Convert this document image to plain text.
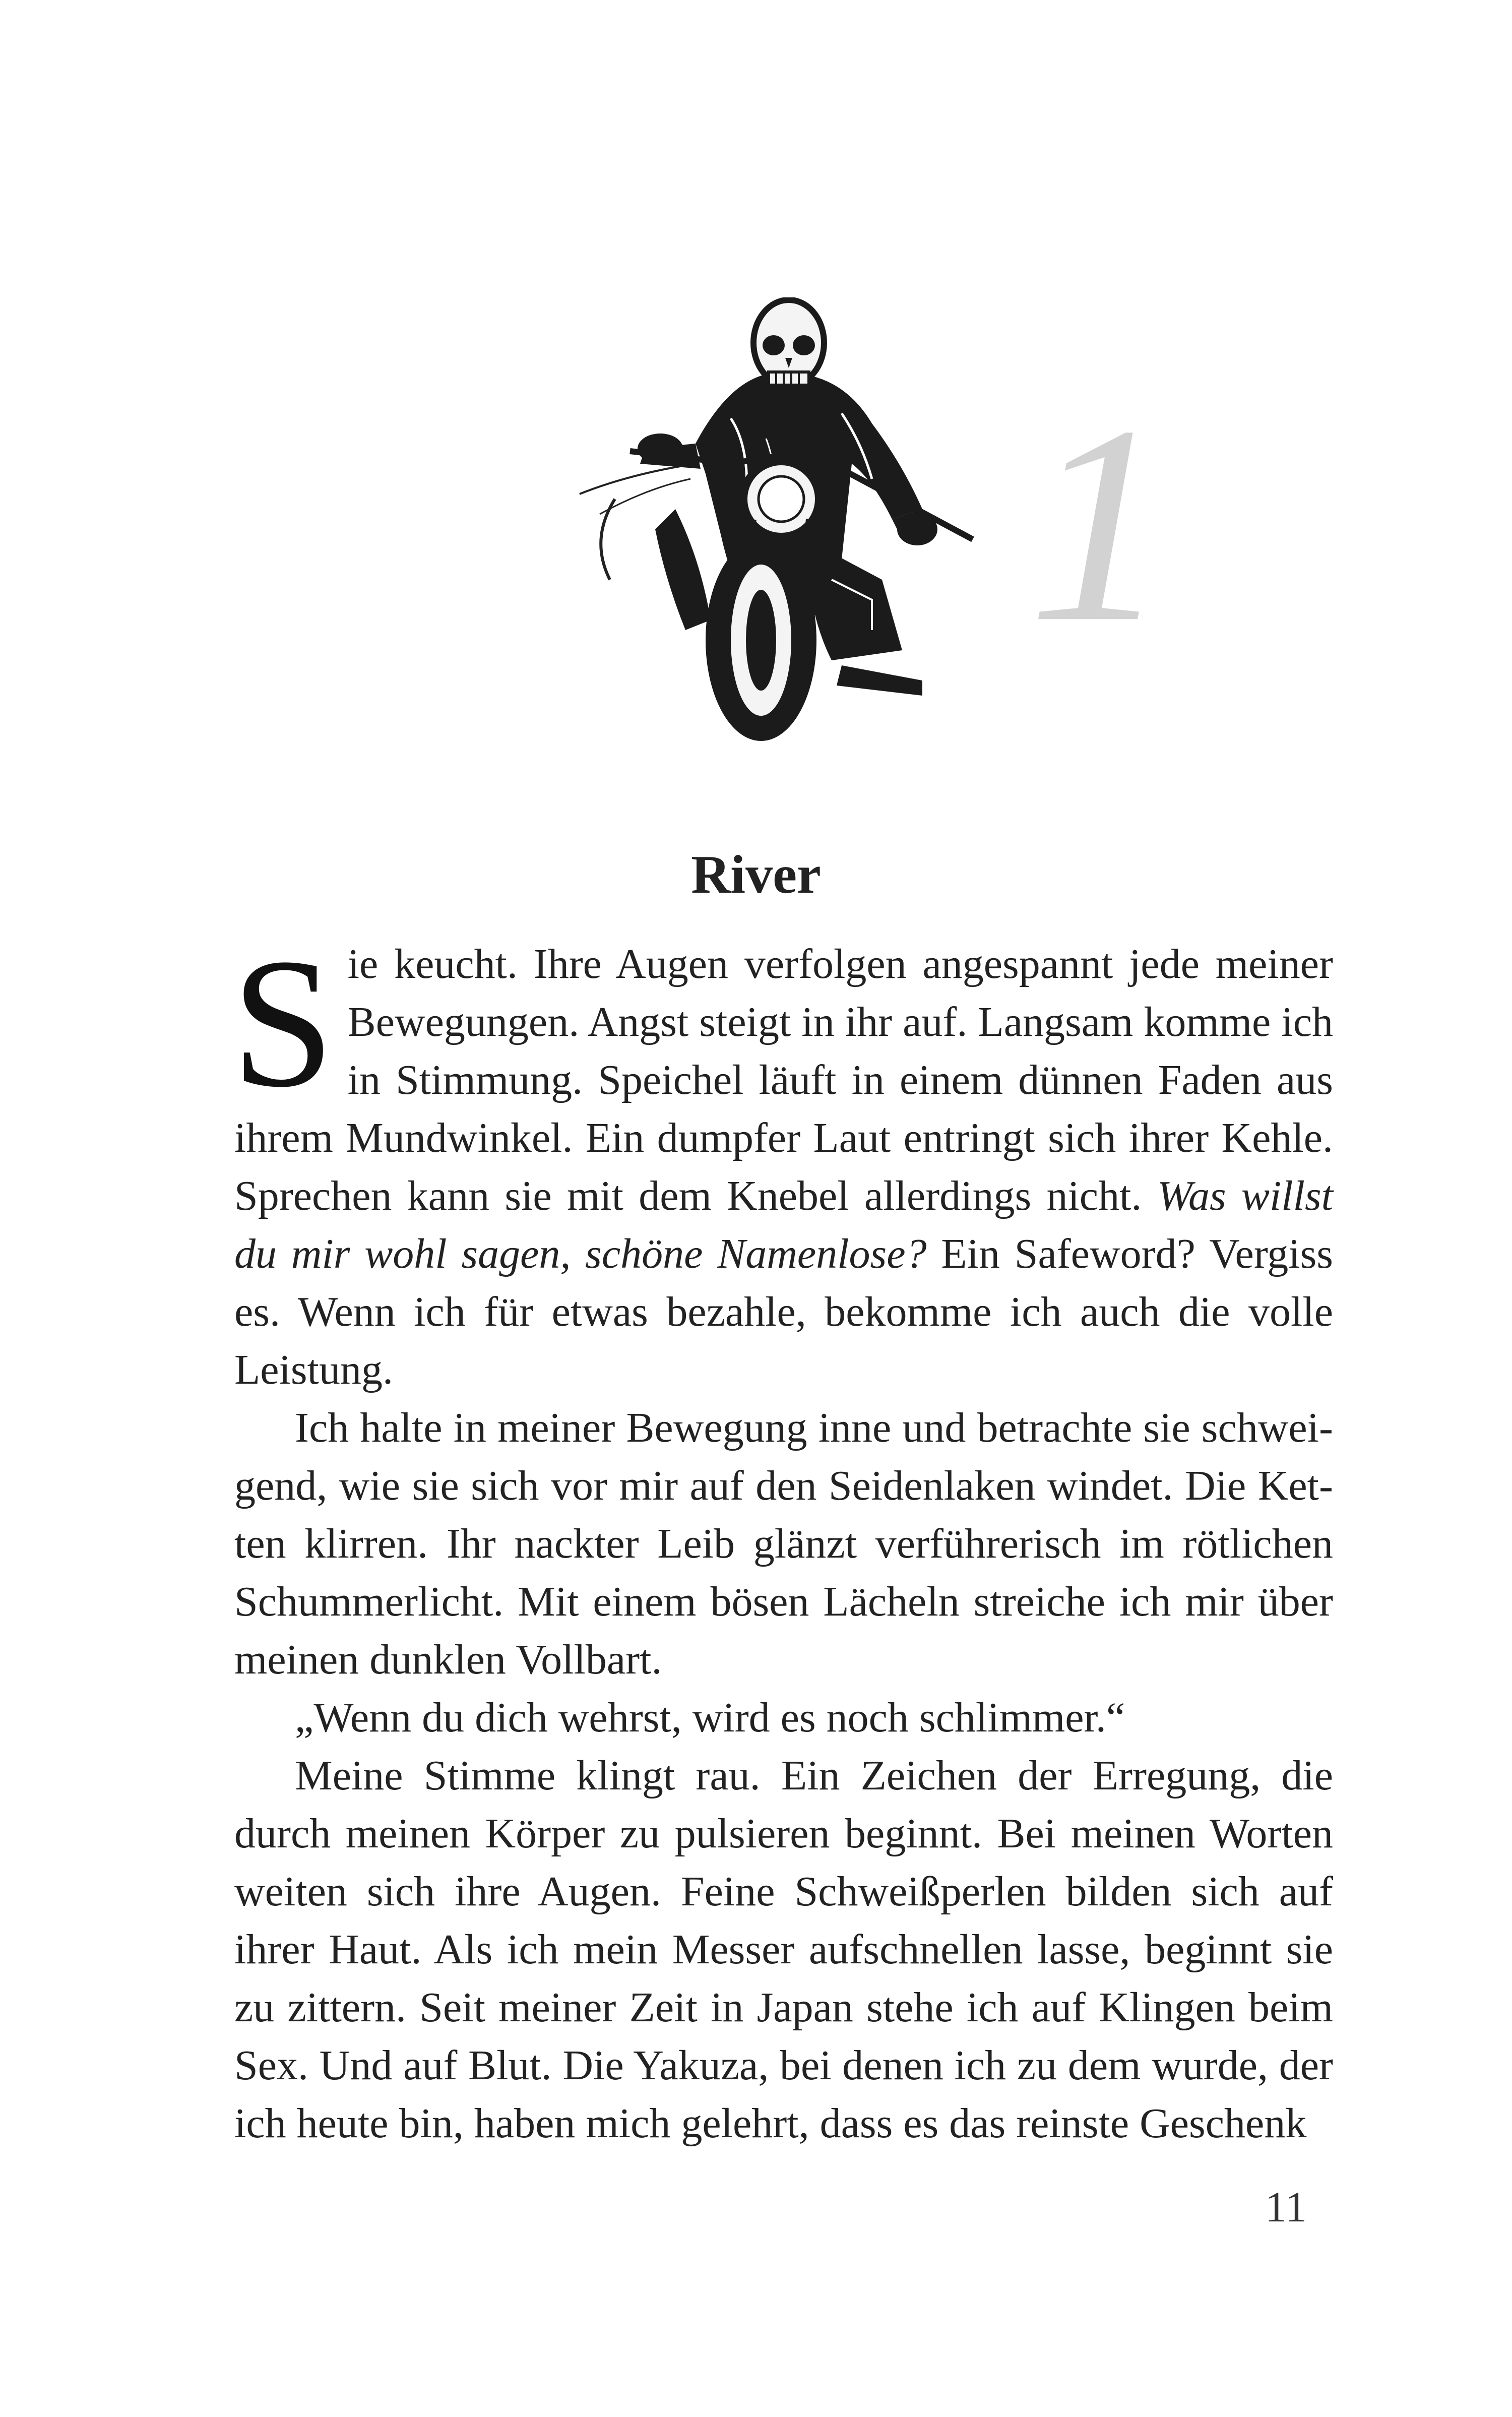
1
River

Sie keucht. Ihre Augen verfolgen angespannt jede meiner Bewegungen. Angst steigt in ihr auf. Langsam komme ich in Stimmung. Speichel läuft in einem dünnen Faden aus ihrem Mundwinkel. Ein dumpfer Laut entringt sich ihrer Kehle. Sprechen kann sie mit dem Knebel allerdings nicht. Was willst du mir wohl sagen, schöne Namenlose? Ein Safeword? Vergiss es. Wenn ich für etwas bezahle, bekomme ich auch die volle Leistung.

Ich halte in meiner Bewegung inne und betrachte sie schweigend, wie sie sich vor mir auf den Seidenlaken windet. Die Ketten klirren. Ihr nackter Leib glänzt verführerisch im rötlichen Schummerlicht. Mit einem bösen Lächeln streiche ich mir über meinen dunklen Vollbart.

„Wenn du dich wehrst, wird es noch schlimmer.“

Meine Stimme klingt rau. Ein Zeichen der Erregung, die durch meinen Körper zu pulsieren beginnt. Bei meinen Worten weiten sich ihre Augen. Feine Schweißperlen bilden sich auf ihrer Haut. Als ich mein Messer aufschnellen lasse, beginnt sie zu zittern. Seit meiner Zeit in Japan stehe ich auf Klingen beim Sex. Und auf Blut. Die Yakuza, bei denen ich zu dem wurde, der ich heute bin, haben mich gelehrt, dass es das reinste Geschenk

11
